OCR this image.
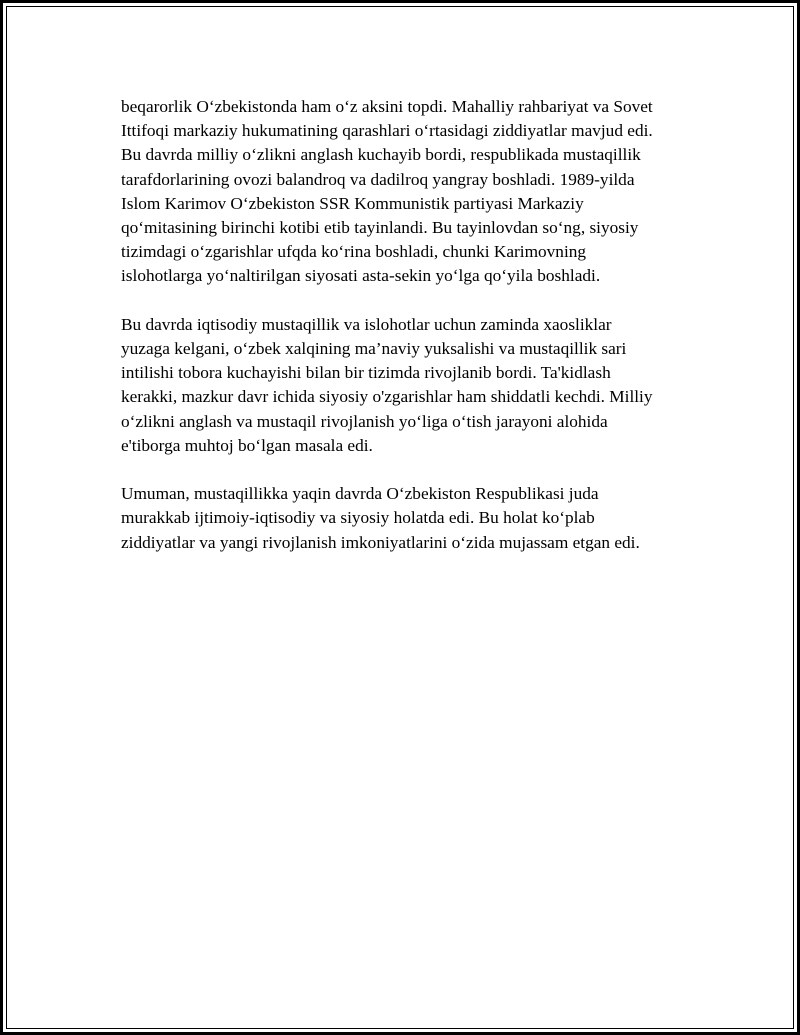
beqarorlik O‘zbekistonda ham o‘z aksini topdi. Mahalliy rahbariyat va Sovet
Ittifoqi markaziy hukumatining qarashlari o‘rtasidagi ziddiyatlar mavjud edi.
Bu davrda milliy o‘zlikni anglash kuchayib bordi, respublikada mustaqillik
tarafdorlarining ovozi balandroq va dadilroq yangray boshladi. 1989-yilda
Islom Karimov O‘zbekiston SSR Kommunistik partiyasi Markaziy
qo‘mitasining birinchi kotibi etib tayinlandi. Bu tayinlovdan so‘ng, siyosiy
tizimdagi o‘zgarishlar ufqda ko‘rina boshladi, chunki Karimovning
islohotlarga yo‘naltirilgan siyosati asta-sekin yo‘lga qo‘yila boshladi.

Bu davrda iqtisodiy mustaqillik va islohotlar uchun zaminda xaosliklar
yuzaga kelgani, o‘zbek xalqining ma’naviy yuksalishi va mustaqillik sari
intilishi tobora kuchayishi bilan bir tizimda rivojlanib bordi. Ta'kidlash
kerakki, mazkur davr ichida siyosiy o'zgarishlar ham shiddatli kechdi. Milliy
o‘zlikni anglash va mustaqil rivojlanish yo‘liga o‘tish jarayoni alohida
e'tiborga muhtoj bo‘lgan masala edi.

Umuman, mustaqillikka yaqin davrda O‘zbekiston Respublikasi juda
murakkab ijtimoiy-iqtisodiy va siyosiy holatda edi. Bu holat ko‘plab
ziddiyatlar va yangi rivojlanish imkoniyatlarini o‘zida mujassam etgan edi.
